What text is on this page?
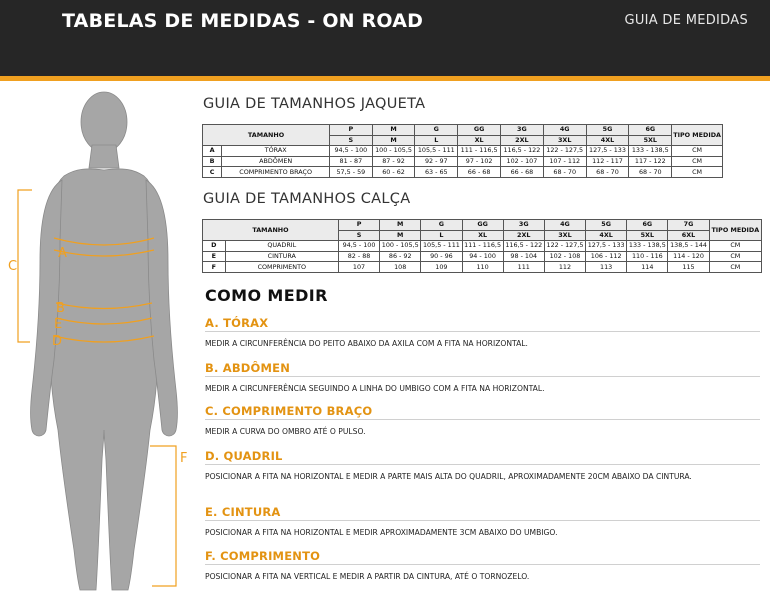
TABELAS DE MEDIDAS - ON ROAD	GUIA DE MEDIDAS
C
A
B
E
D
F
GUIA DE TAMANHOS JAQUETA
TAMANHO		P	M	G	GG	3G	4G	5G	6G	TIPO MEDIDA
		S	M	L	XL	2XL	3XL	4XL	5XL	
A	TÓRAX	94,5 - 100	100 - 105,5	105,5 - 111	111 - 116,5	116,5 - 122	122 - 127,5	127,5 - 133	133 - 138,5	CM
B	ABDÔMEN	81 - 87	87 - 92	92 - 97	97 - 102	102 - 107	107 - 112	112 - 117	117 - 122	CM
C	COMPRIMENTO BRAÇO	57,5 - 59	60 - 62	63 - 65	66 - 68	66 - 68	68 - 70	68 - 70	68 - 70	CM
GUIA DE TAMANHOS CALÇA
TAMANHO		P	M	G	GG	3G	4G	5G	6G	7G	TIPO MEDIDA
		S	M	L	XL	2XL	3XL	4XL	5XL	6XL	
D	QUADRIL	94,5 - 100	100 - 105,5	105,5 - 111	111 - 116,5	116,5 - 122	122 - 127,5	127,5 - 133	133 - 138,5	138,5 - 144	CM
E	CINTURA	82 - 88	86 - 92	90 - 96	94 - 100	98 - 104	102 - 108	106 - 112	110 - 116	114 - 120	CM
F	COMPRIMENTO	107	108	109	110	111	112	113	114	115	CM
COMO MEDIR
A. TÓRAX
MEDIR A CIRCUNFERÊNCIA DO PEITO ABAIXO DA AXILA COM A FITA NA HORIZONTAL.
B. ABDÔMEN
MEDIR A CIRCUNFERÊNCIA SEGUINDO A LINHA DO UMBIGO COM A FITA NA HORIZONTAL.
C. COMPRIMENTO BRAÇO
MEDIR A CURVA DO OMBRO ATÉ O PULSO.
D. QUADRIL
POSICIONAR A FITA NA HORIZONTAL E MEDIR A PARTE MAIS ALTA DO QUADRIL, APROXIMADAMENTE 20CM ABAIXO DA CINTURA.
E. CINTURA
POSICIONAR A FITA NA HORIZONTAL E MEDIR APROXIMADAMENTE 3CM ABAIXO DO UMBIGO.
F. COMPRIMENTO
POSICIONAR A FITA NA VERTICAL E MEDIR A PARTIR DA CINTURA, ATÉ O TORNOZELO.
